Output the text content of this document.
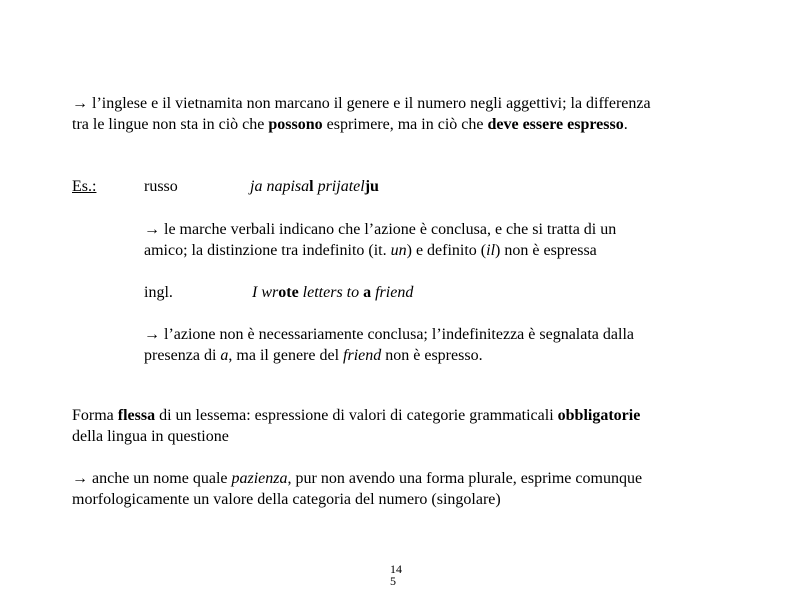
→ l’inglese e il vietnamita non marcano il genere e il numero negli aggettivi; la differenza
tra le lingue non sta in ciò che possono esprimere, ma in ciò che deve essere espresso.
Es.:	russo	ja napisal prijatelju
→ le marche verbali indicano che l’azione è conclusa, e che si tratta di un
amico; la distinzione tra indefinito (it. un) e definito (il) non è espressa
ingl.	I wrote letters to a friend
→ l’azione non è necessariamente conclusa; l’indefinitezza è segnalata dalla
presenza di a, ma il genere del friend non è espresso.
Forma flessa di un lessema: espressione di valori di categorie grammaticali obbligatorie
della lingua in questione
→ anche un nome quale pazienza, pur non avendo una forma plurale, esprime comunque
morfologicamente un valore della categoria del numero (singolare)
14
5
